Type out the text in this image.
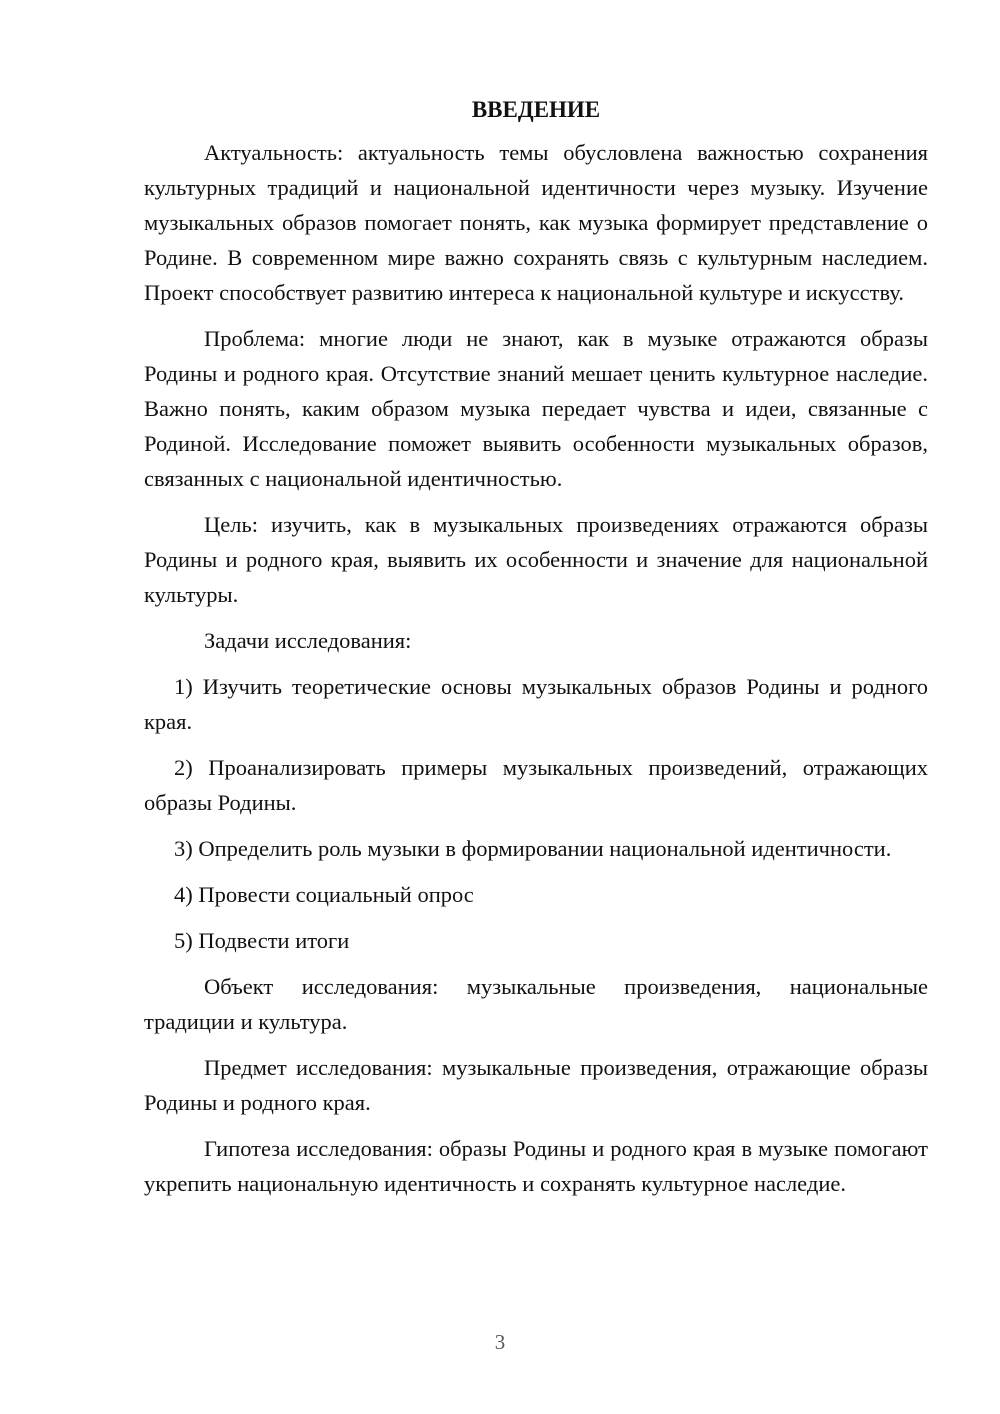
ВВЕДЕНИЕ

Актуальность: актуальность темы обусловлена важностью сохранения культурных традиций и национальной идентичности через музыку. Изучение музыкальных образов помогает понять, как музыка формирует представление о Родине. В современном мире важно сохранять связь с культурным наследием. Проект способствует развитию интереса к национальной культуре и искусству.

Проблема: многие люди не знают, как в музыке отражаются образы Родины и родного края. Отсутствие знаний мешает ценить культурное наследие. Важно понять, каким образом музыка передает чувства и идеи, связанные с Родиной. Исследование поможет выявить особенности музыкальных образов, связанных с национальной идентичностью.

Цель: изучить, как в музыкальных произведениях отражаются образы Родины и родного края, выявить их особенности и значение для национальной культуры.

Задачи исследования:

1) Изучить теоретические основы музыкальных образов Родины и родного края.

2) Проанализировать примеры музыкальных произведений, отражающих образы Родины.

3) Определить роль музыки в формировании национальной идентичности.

4) Провести социальный опрос

5) Подвести итоги

Объект исследования: музыкальные произведения, национальные традиции и культура.

Предмет исследования: музыкальные произведения, отражающие образы Родины и родного края.

Гипотеза исследования: образы Родины и родного края в музыке помогают укрепить национальную идентичность и сохранять культурное наследие.

3
